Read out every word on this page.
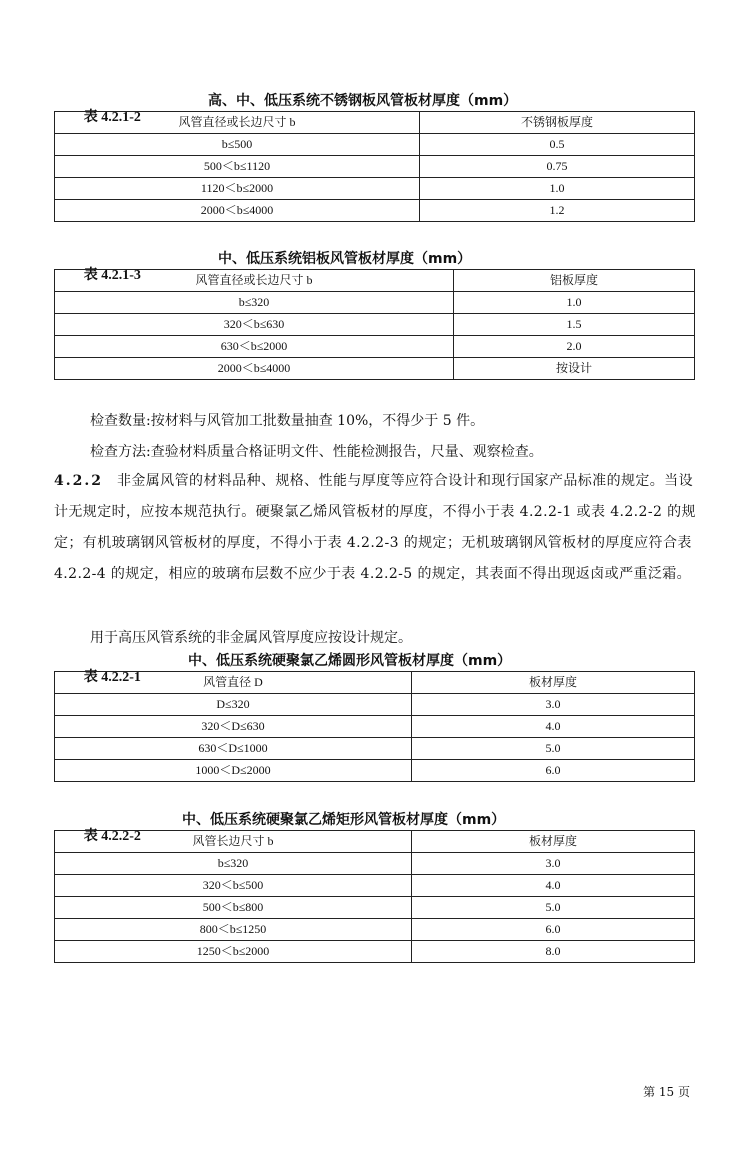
表 4.2.1-2

高、中、低压系统不锈钢板风管板材厚度（mm）

风管直径或长边尺寸 b	不锈钢板厚度
b≤500	0.5
500＜b≤1120	0.75
1120＜b≤2000	1.0
2000＜b≤4000	1.2

表 4.2.1-3

中、低压系统铝板风管板材厚度（mm）

风管直径或长边尺寸 b	铝板厚度
b≤320	1.0
320＜b≤630	1.5
630＜b≤2000	2.0
2000＜b≤4000	按设计
检查数量:按材料与风管加工批数量抽查 10%，不得少于 5 件。
检查方法:查验材料质量合格证明文件、性能检测报告，尺量、观察检查。

4.2.2 非金属风管的材料品种、规格、性能与厚度等应符合设计和现行国家产品标准的规定。当设计无规定时，应按本规范执行。硬聚氯乙烯风管板材的厚度，不得小于表 4.2.2-1 或表 4.2.2-2 的规定；有机玻璃钢风管板材的厚度，不得小于表 4.2.2-3 的规定；无机玻璃钢风管板材的厚度应符合表 4.2.2-4 的规定，相应的玻璃布层数不应少于表 4.2.2-5 的规定，其表面不得出现返卤或严重泛霜。

用于高压风管系统的非金属风管厚度应按设计规定。

表 4.2.2-1

中、低压系统硬聚氯乙烯圆形风管板材厚度（mm）

风管直径 D	板材厚度
D≤320	3.0
320＜D≤630	4.0
630＜D≤1000	5.0
1000＜D≤2000	6.0

表 4.2.2-2

中、低压系统硬聚氯乙烯矩形风管板材厚度（mm）

风管长边尺寸 b	板材厚度
b≤320	3.0
320＜b≤500	4.0
500＜b≤800	5.0
800＜b≤1250	6.0
1250＜b≤2000	8.0
第 15 页
